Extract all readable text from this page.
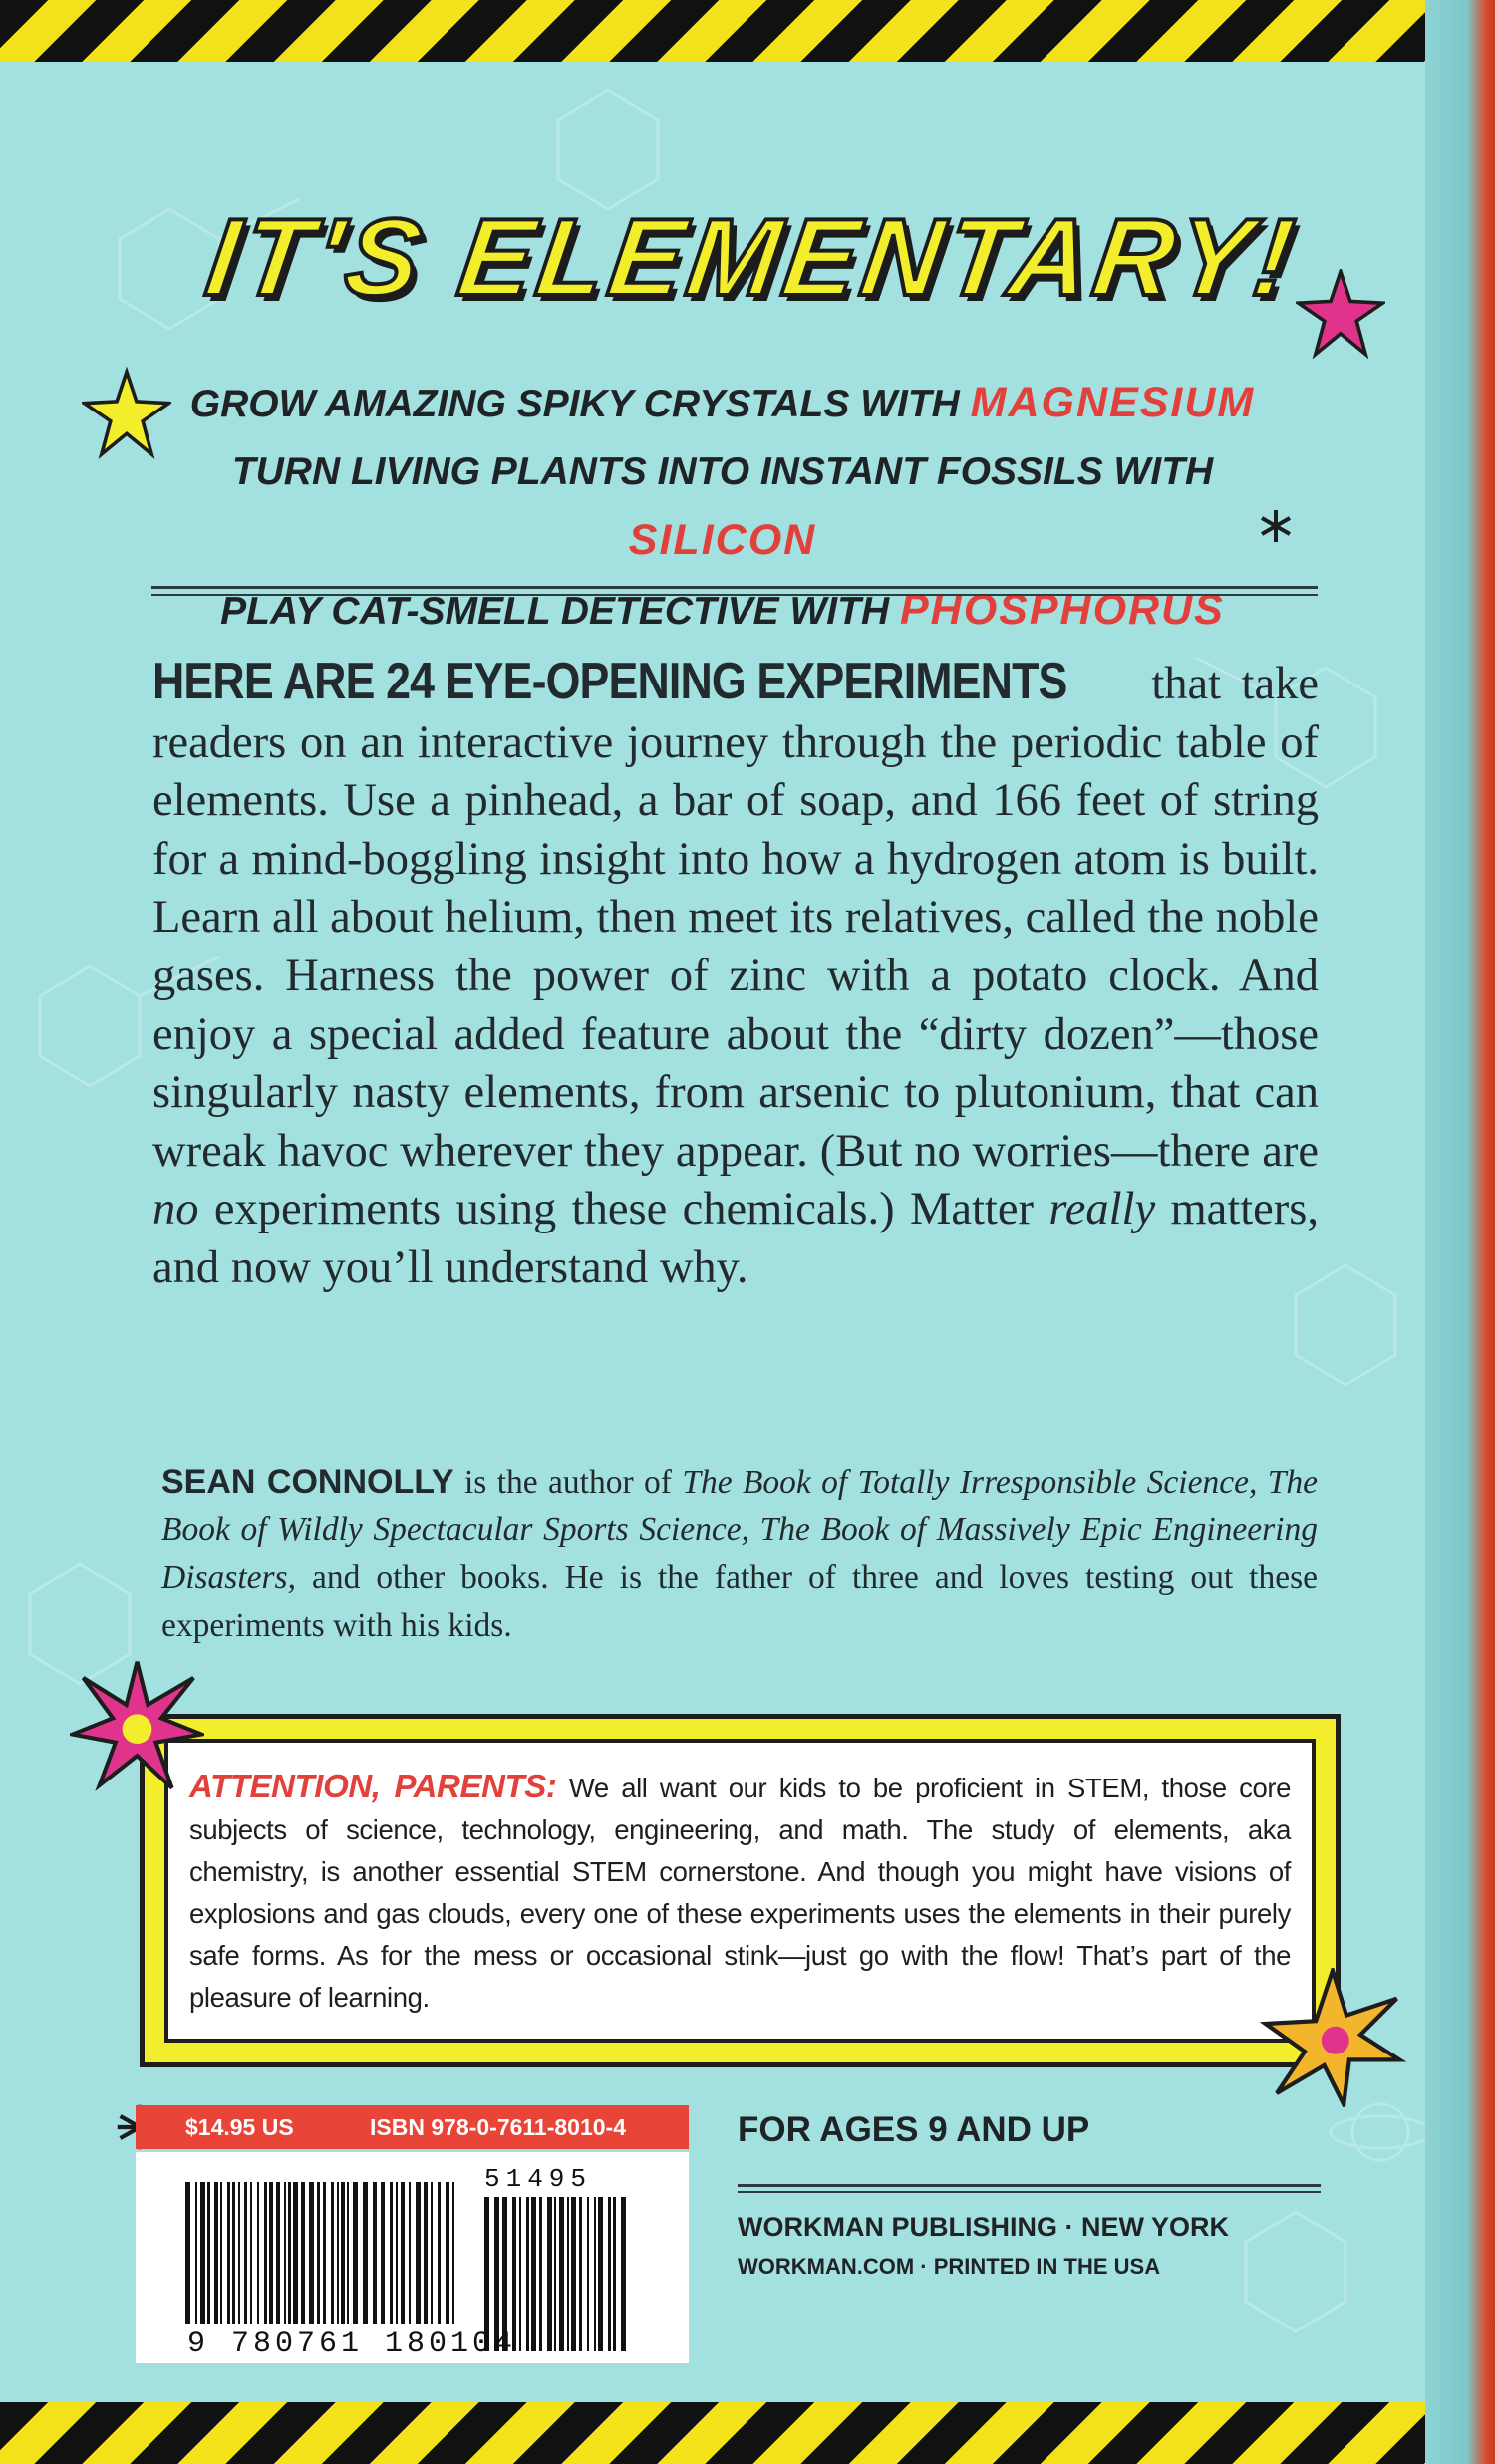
IT'S ELEMENTARY!
GROW AMAZING SPIKY CRYSTALS WITH MAGNESIUM
TURN LIVING PLANTS INTO INSTANT FOSSILS WITH SILICON
PLAY CAT-SMELL DETECTIVE WITH PHOSPHORUS
HERE ARE 24 EYE-OPENING EXPERIMENTS that take readers on an interactive journey through the periodic table of elements. Use a pinhead, a bar of soap, and 166 feet of string for a mind-boggling insight into how a hydrogen atom is built. Learn all about helium, then meet its relatives, called the noble gases. Harness the power of zinc with a potato clock. And enjoy a special added feature about the “dirty dozen”—those singularly nasty elements, from arsenic to plutonium, that can wreak havoc wherever they appear. (But no worries—there are no experiments using these chemicals.) Matter really matters, and now you’ll understand why.
SEAN CONNOLLY is the author of The Book of Totally Irresponsible Science, The Book of Wildly Spectacular Sports Science, The Book of Massively Epic Engineering Disasters, and other books. He is the father of three and loves testing out these experiments with his kids.
ATTENTION, PARENTS: We all want our kids to be proficient in STEM, those core subjects of science, technology, engineering, and math. The study of elements, aka chemistry, is another essential STEM cornerstone. And though you might have visions of explosions and gas clouds, every one of these experiments uses the elements in their purely safe forms. As for the mess or occasional stink—just go with the flow! That’s part of the pleasure of learning.
$14.95 US	ISBN 978-0-7611-8010-4
9 780761 180104
51495
FOR AGES 9 AND UP
WORKMAN PUBLISHING · NEW YORK
WORKMAN.COM · PRINTED IN THE USA
